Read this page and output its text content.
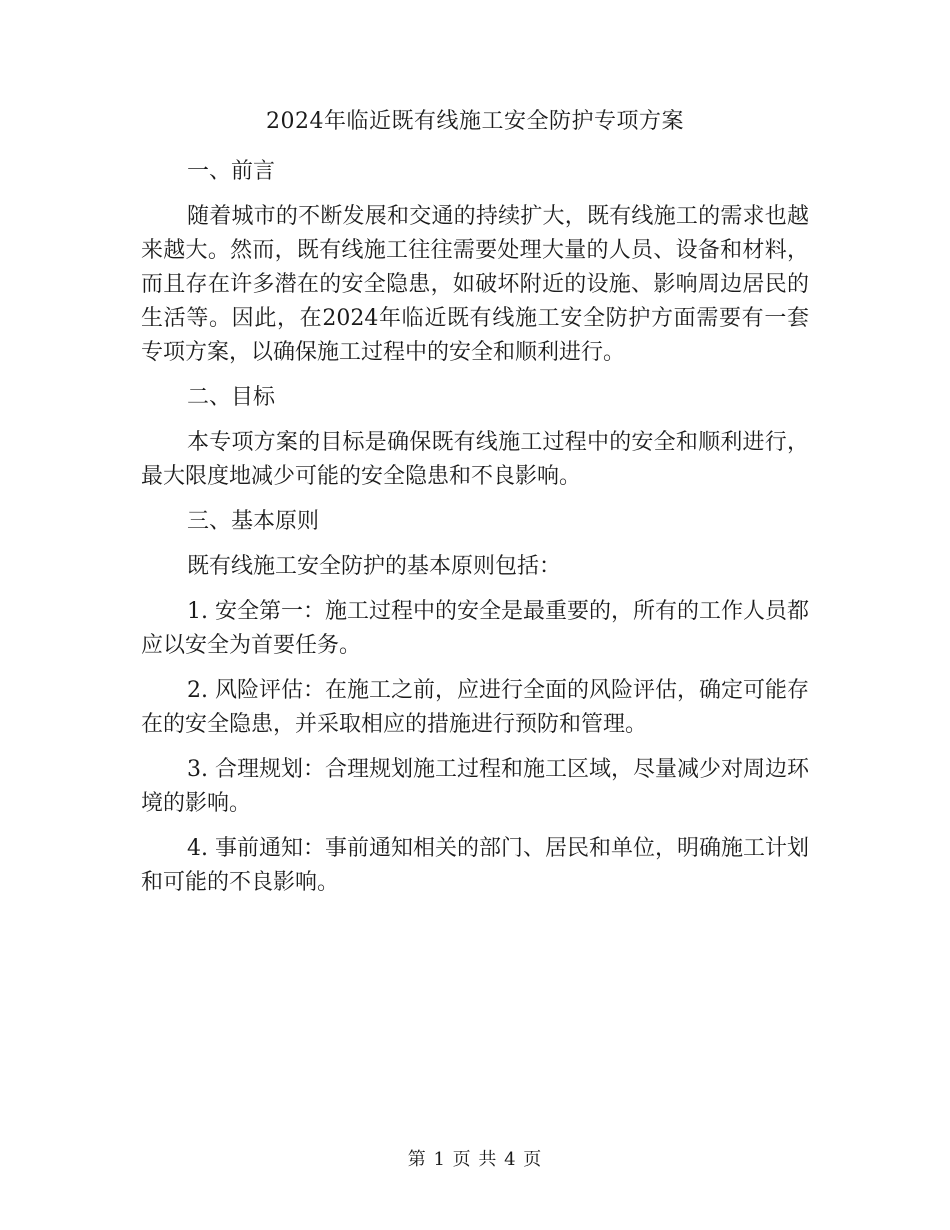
2024年临近既有线施工安全防护专项方案

一、前言

随着城市的不断发展和交通的持续扩大，既有线施工的需求也越来越大。然而，既有线施工往往需要处理大量的人员、设备和材料，而且存在许多潜在的安全隐患，如破坏附近的设施、影响周边居民的生活等。因此，在2024年临近既有线施工安全防护方面需要有一套专项方案，以确保施工过程中的安全和顺利进行。

二、目标

本专项方案的目标是确保既有线施工过程中的安全和顺利进行，最大限度地减少可能的安全隐患和不良影响。

三、基本原则

既有线施工安全防护的基本原则包括：

1. 安全第一：施工过程中的安全是最重要的，所有的工作人员都应以安全为首要任务。

2. 风险评估：在施工之前，应进行全面的风险评估，确定可能存在的安全隐患，并采取相应的措施进行预防和管理。

3. 合理规划：合理规划施工过程和施工区域，尽量减少对周边环境的影响。

4. 事前通知：事前通知相关的部门、居民和单位，明确施工计划和可能的不良影响。

第 1 页 共 4 页
